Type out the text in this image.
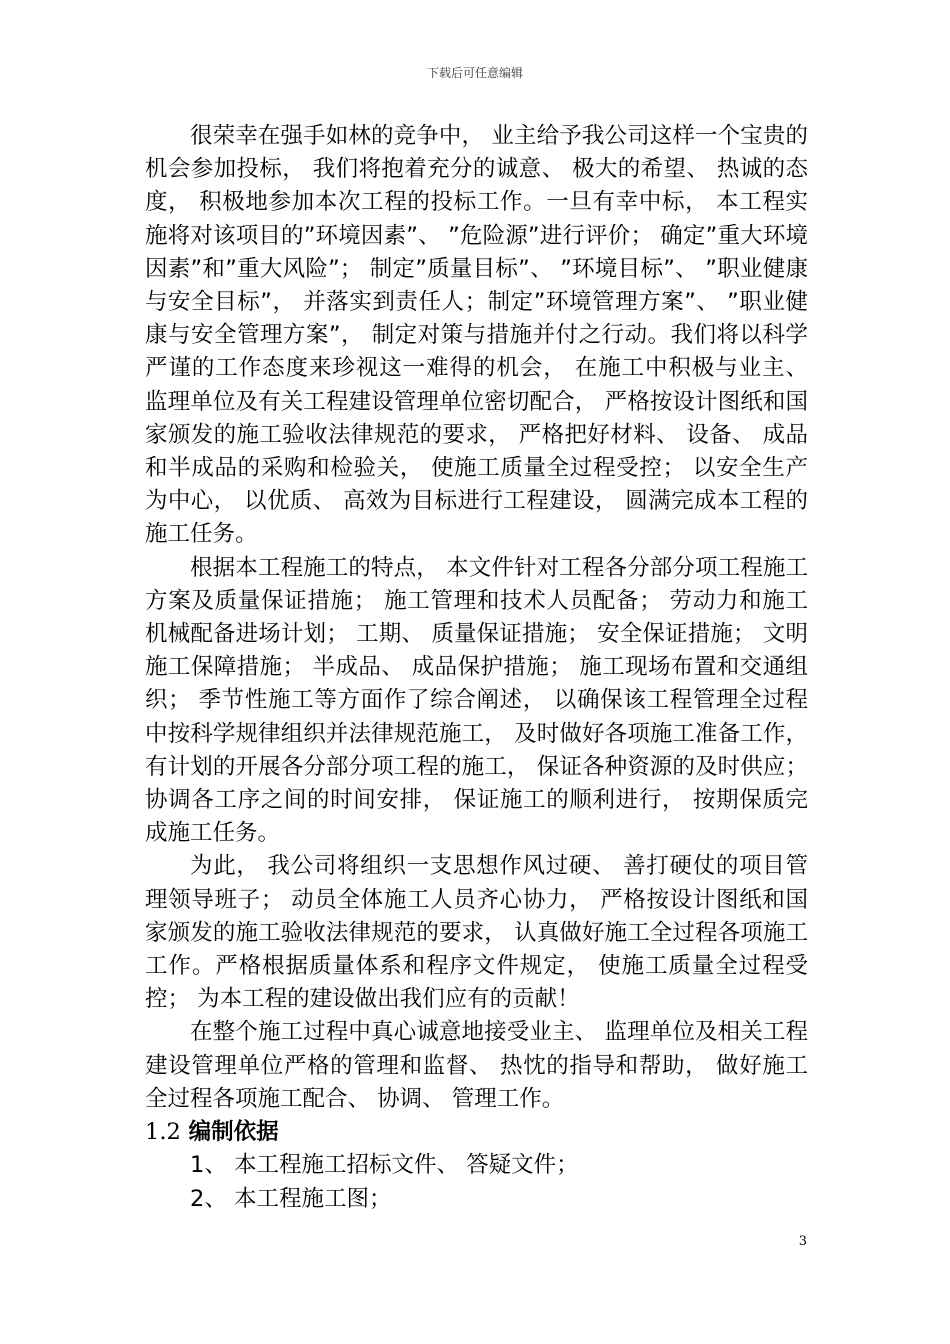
下载后可任意编辑

很荣幸在强手如林的竞争中， 业主给予我公司这样一个宝贵的机会参加投标， 我们将抱着充分的诚意、 极大的希望、 热诚的态度， 积极地参加本次工程的投标工作。一旦有幸中标， 本工程实施将对该项目的”环境因素”、 ”危险源”进行评价； 确定”重大环境因素”和”重大风险”； 制定”质量目标”、 ”环境目标”、 ”职业健康与安全目标”， 并落实到责任人；制定”环境管理方案”、 ”职业健康与安全管理方案”， 制定对策与措施并付之行动。我们将以科学严谨的工作态度来珍视这一难得的机会， 在施工中积极与业主、 监理单位及有关工程建设管理单位密切配合， 严格按设计图纸和国家颁发的施工验收法律规范的要求， 严格把好材料、 设备、 成品和半成品的采购和检验关， 使施工质量全过程受控； 以安全生产为中心， 以优质、 高效为目标进行工程建设， 圆满完成本工程的施工任务。

根据本工程施工的特点， 本文件针对工程各分部分项工程施工方案及质量保证措施； 施工管理和技术人员配备； 劳动力和施工机械配备进场计划； 工期、 质量保证措施； 安全保证措施； 文明施工保障措施； 半成品、 成品保护措施； 施工现场布置和交通组织； 季节性施工等方面作了综合阐述， 以确保该工程管理全过程中按科学规律组织并法律规范施工， 及时做好各项施工准备工作， 有计划的开展各分部分项工程的施工， 保证各种资源的及时供应； 协调各工序之间的时间安排， 保证施工的顺利进行， 按期保质完成施工任务。

为此， 我公司将组织一支思想作风过硬、 善打硬仗的项目管理领导班子； 动员全体施工人员齐心协力， 严格按设计图纸和国家颁发的施工验收法律规范的要求， 认真做好施工全过程各项施工工作。严格根据质量体系和程序文件规定， 使施工质量全过程受控； 为本工程的建设做出我们应有的贡献！

在整个施工过程中真心诚意地接受业主、 监理单位及相关工程建设管理单位严格的管理和监督、 热忱的指导和帮助， 做好施工全过程各项施工配合、 协调、 管理工作。

1.2 编制依据

1、 本工程施工招标文件、 答疑文件；

2、 本工程施工图；

3
